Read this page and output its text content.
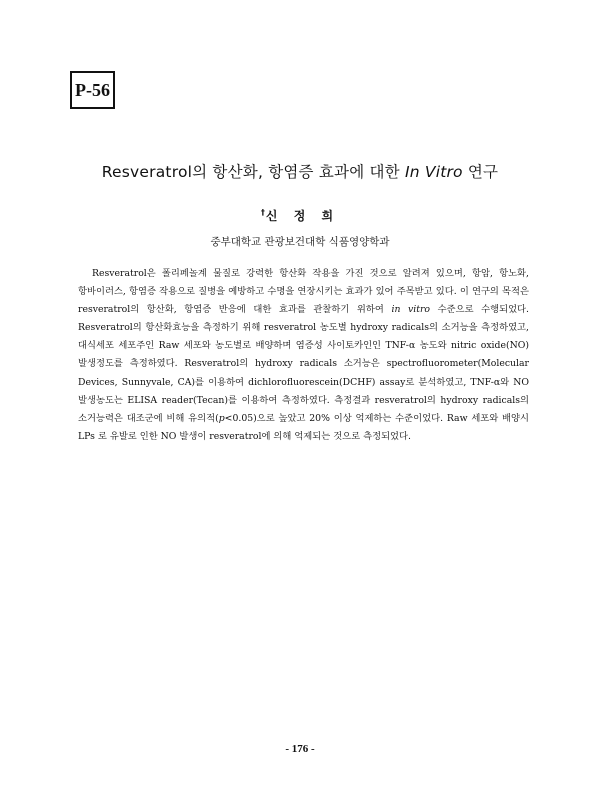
P-56
Resveratrol의 항산화, 항염증 효과에 대한 In Vitro 연구
†신 정 희
중부대학교 관광보건대학 식품영양학과

Resveratrol은 폴리페놀계 물질로 강력한 항산화 작용을 가진 것으로 알려져 있으며, 항암, 항노화, 항바이러스, 항염증 작용으로 질병을 예방하고 수명을 연장시키는 효과가 있어 주목받고 있다. 이 연구의 목적은 resveratrol의 항산화, 항염증 반응에 대한 효과를 관찰하기 위하여 in vitro 수준으로 수행되었다. Resveratrol의 항산화효능을 측정하기 위해 resveratrol 농도별 hydroxy radicals의 소거능을 측정하였고, 대식세포 세포주인 Raw 세포와 농도별로 배양하며 염증성 사이토카인인 TNF-α 농도와 nitric oxide(NO) 발생정도를 측정하였다. Resveratrol의 hydroxy radicals 소거능은 spectrofluorometer(Molecular Devices, Sunnyvale, CA)를 이용하여 dichlorofluorescein(DCHF) assay로 분석하였고, TNF-α와 NO 발생농도는 ELISA reader(Tecan)를 이용하여 측정하였다. 측정결과 resveratrol의 hydroxy radicals의 소거능력은 대조군에 비해 유의적(p<0.05)으로 높았고 20% 이상 억제하는 수준이었다. Raw 세포와 배양시 LPs 로 유발로 인한 NO 발생이 resveratrol에 의해 억제되는 것으로 측정되었다.

- 176 -
